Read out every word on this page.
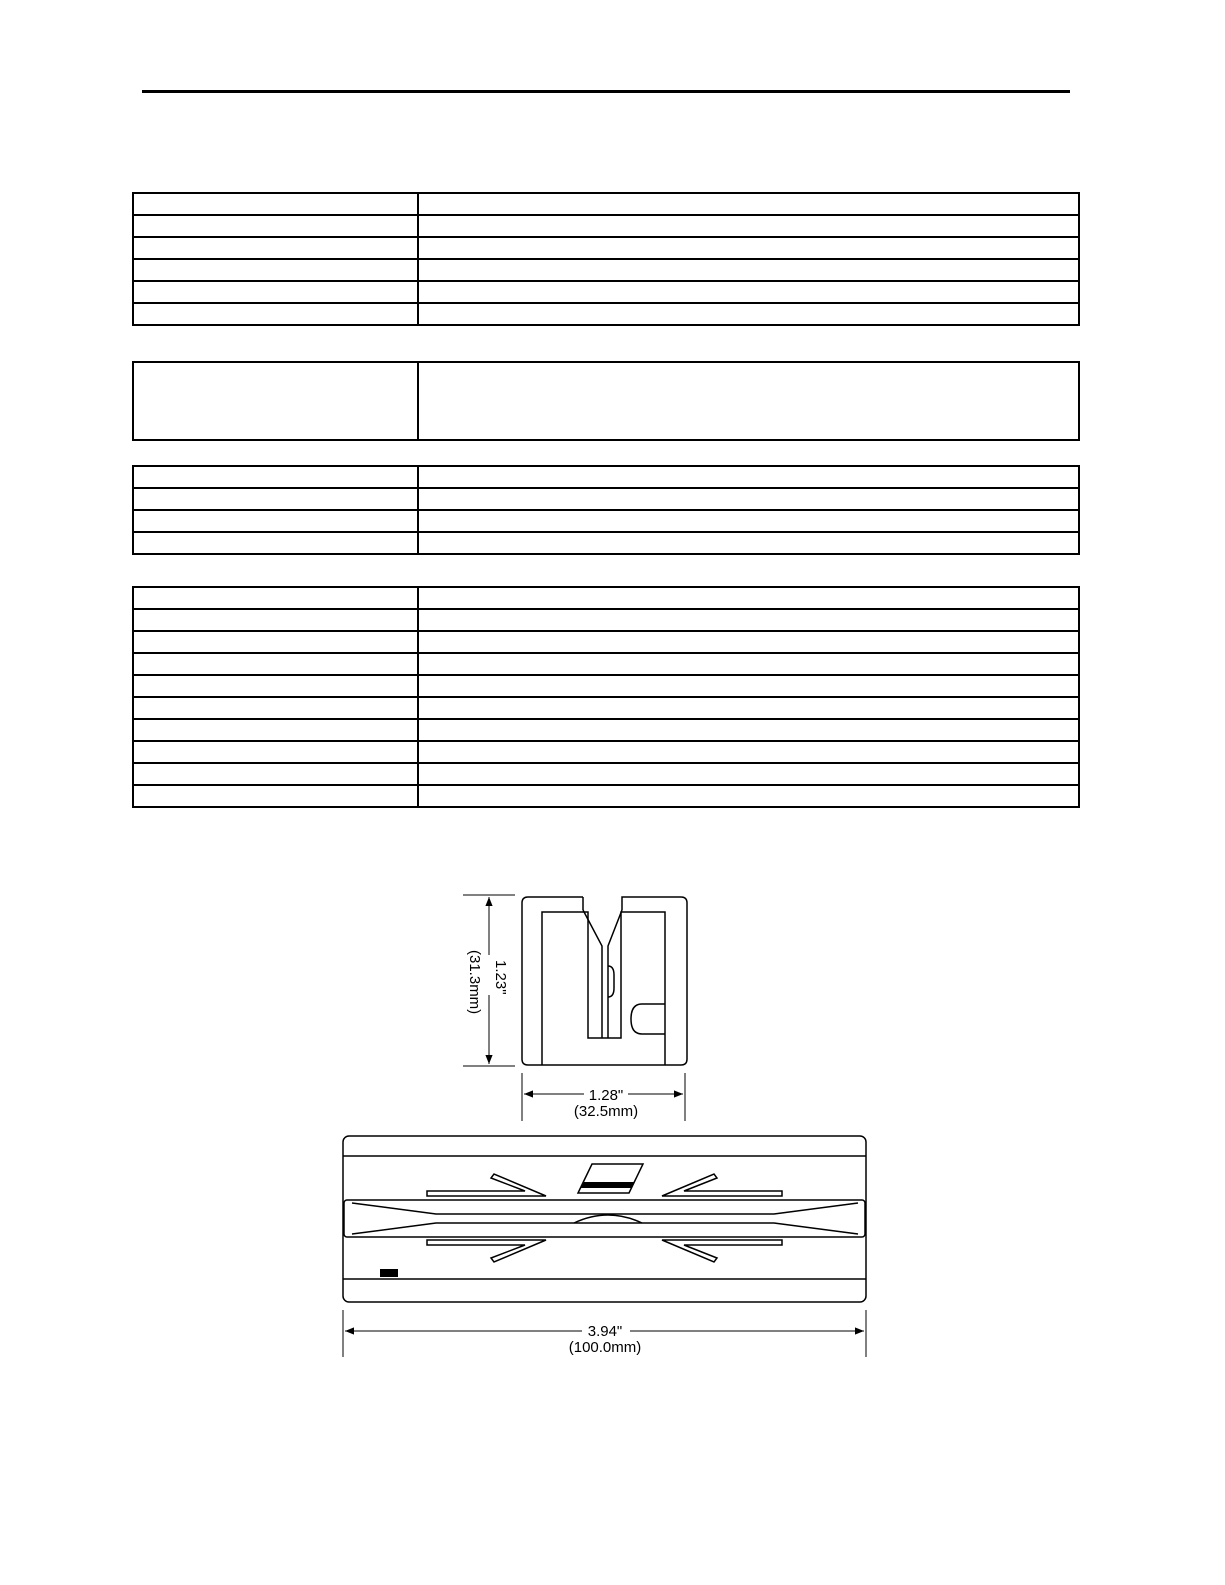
1.23"
(31.3mm)
1.28"
(32.5mm)
3.94"
(100.0mm)
